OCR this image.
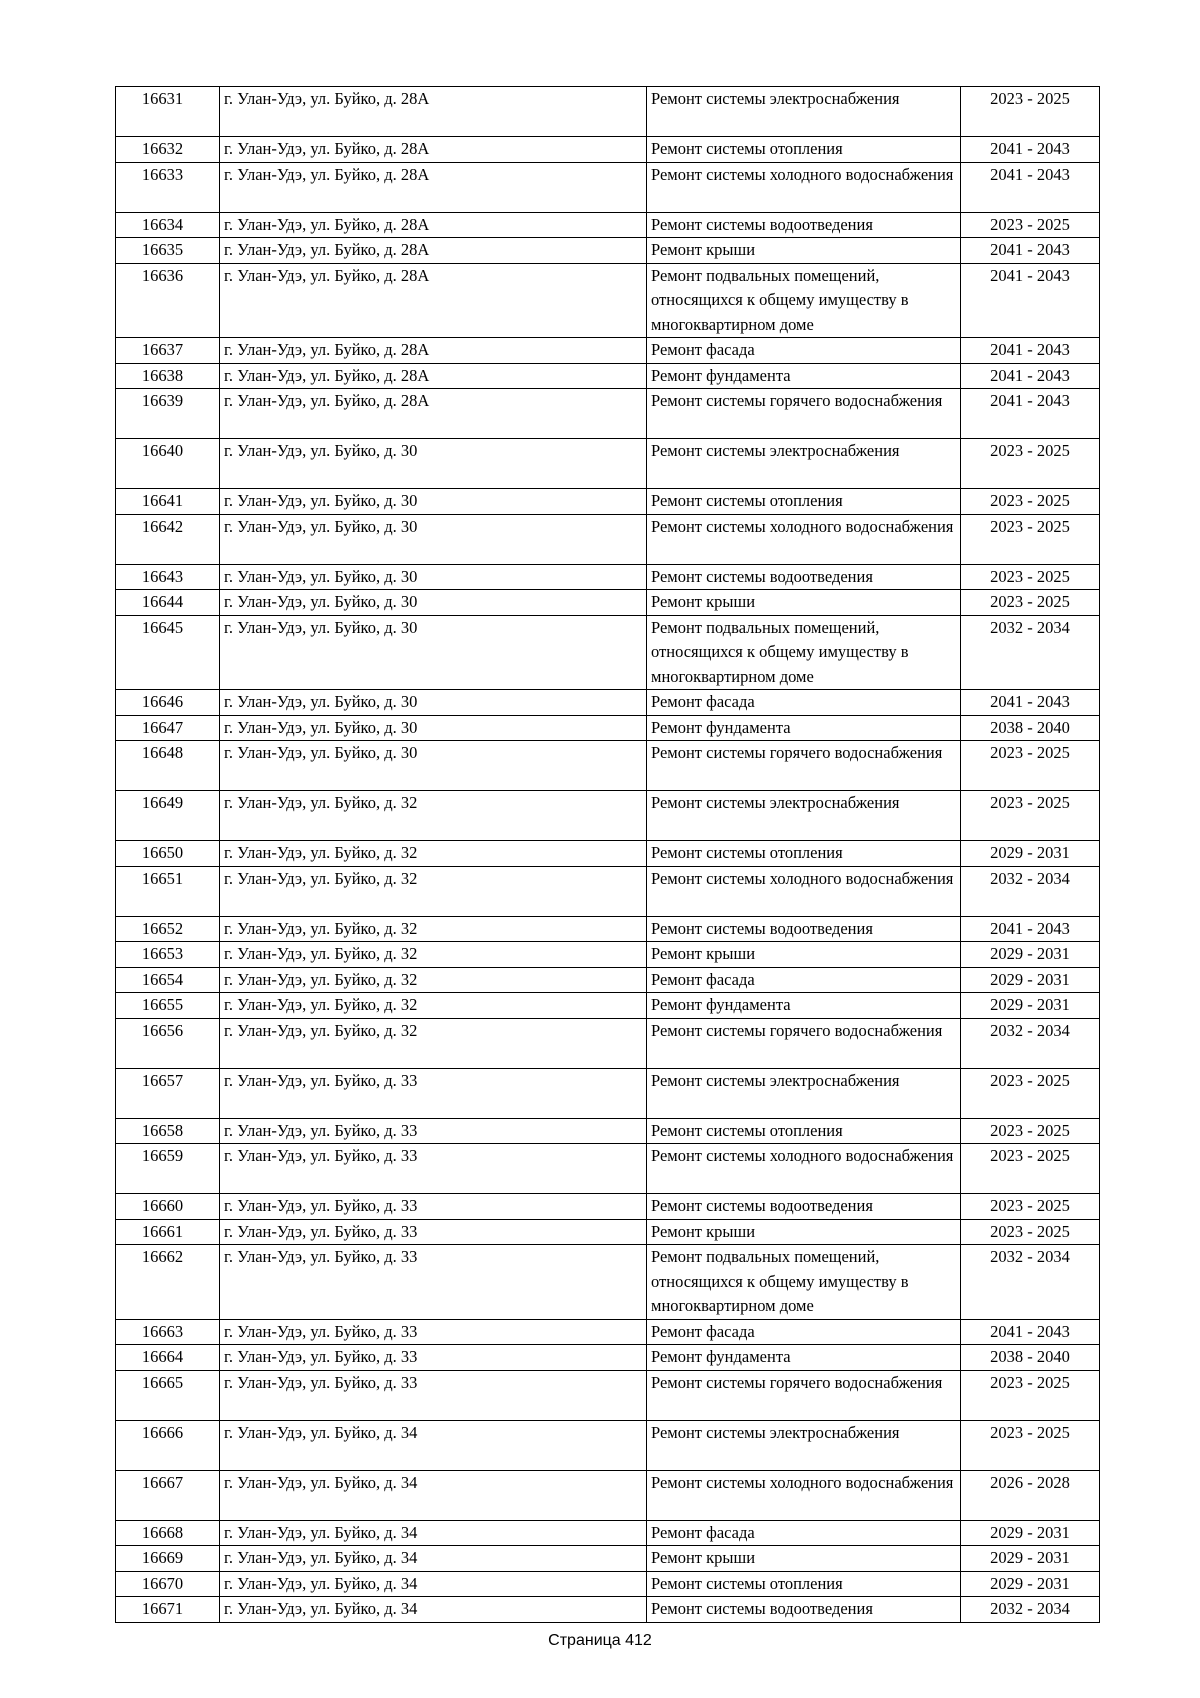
16631	г. Улан-Удэ, ул. Буйко, д. 28А	Ремонт системы электроснабжения	2023 - 2025
16632	г. Улан-Удэ, ул. Буйко, д. 28А	Ремонт системы отопления	2041 - 2043
16633	г. Улан-Удэ, ул. Буйко, д. 28А	Ремонт системы холодного водоснабжения	2041 - 2043
16634	г. Улан-Удэ, ул. Буйко, д. 28А	Ремонт системы водоотведения	2023 - 2025
16635	г. Улан-Удэ, ул. Буйко, д. 28А	Ремонт крыши	2041 - 2043
16636	г. Улан-Удэ, ул. Буйко, д. 28А	Ремонт подвальных помещений, относящихся к общему имуществу в многоквартирном доме	2041 - 2043
16637	г. Улан-Удэ, ул. Буйко, д. 28А	Ремонт фасада	2041 - 2043
16638	г. Улан-Удэ, ул. Буйко, д. 28А	Ремонт фундамента	2041 - 2043
16639	г. Улан-Удэ, ул. Буйко, д. 28А	Ремонт системы горячего водоснабжения	2041 - 2043
16640	г. Улан-Удэ, ул. Буйко, д. 30	Ремонт системы электроснабжения	2023 - 2025
16641	г. Улан-Удэ, ул. Буйко, д. 30	Ремонт системы отопления	2023 - 2025
16642	г. Улан-Удэ, ул. Буйко, д. 30	Ремонт системы холодного водоснабжения	2023 - 2025
16643	г. Улан-Удэ, ул. Буйко, д. 30	Ремонт системы водоотведения	2023 - 2025
16644	г. Улан-Удэ, ул. Буйко, д. 30	Ремонт крыши	2023 - 2025
16645	г. Улан-Удэ, ул. Буйко, д. 30	Ремонт подвальных помещений, относящихся к общему имуществу в многоквартирном доме	2032 - 2034
16646	г. Улан-Удэ, ул. Буйко, д. 30	Ремонт фасада	2041 - 2043
16647	г. Улан-Удэ, ул. Буйко, д. 30	Ремонт фундамента	2038 - 2040
16648	г. Улан-Удэ, ул. Буйко, д. 30	Ремонт системы горячего водоснабжения	2023 - 2025
16649	г. Улан-Удэ, ул. Буйко, д. 32	Ремонт системы электроснабжения	2023 - 2025
16650	г. Улан-Удэ, ул. Буйко, д. 32	Ремонт системы отопления	2029 - 2031
16651	г. Улан-Удэ, ул. Буйко, д. 32	Ремонт системы холодного водоснабжения	2032 - 2034
16652	г. Улан-Удэ, ул. Буйко, д. 32	Ремонт системы водоотведения	2041 - 2043
16653	г. Улан-Удэ, ул. Буйко, д. 32	Ремонт крыши	2029 - 2031
16654	г. Улан-Удэ, ул. Буйко, д. 32	Ремонт фасада	2029 - 2031
16655	г. Улан-Удэ, ул. Буйко, д. 32	Ремонт фундамента	2029 - 2031
16656	г. Улан-Удэ, ул. Буйко, д. 32	Ремонт системы горячего водоснабжения	2032 - 2034
16657	г. Улан-Удэ, ул. Буйко, д. 33	Ремонт системы электроснабжения	2023 - 2025
16658	г. Улан-Удэ, ул. Буйко, д. 33	Ремонт системы отопления	2023 - 2025
16659	г. Улан-Удэ, ул. Буйко, д. 33	Ремонт системы холодного водоснабжения	2023 - 2025
16660	г. Улан-Удэ, ул. Буйко, д. 33	Ремонт системы водоотведения	2023 - 2025
16661	г. Улан-Удэ, ул. Буйко, д. 33	Ремонт крыши	2023 - 2025
16662	г. Улан-Удэ, ул. Буйко, д. 33	Ремонт подвальных помещений, относящихся к общему имуществу в многоквартирном доме	2032 - 2034
16663	г. Улан-Удэ, ул. Буйко, д. 33	Ремонт фасада	2041 - 2043
16664	г. Улан-Удэ, ул. Буйко, д. 33	Ремонт фундамента	2038 - 2040
16665	г. Улан-Удэ, ул. Буйко, д. 33	Ремонт системы горячего водоснабжения	2023 - 2025
16666	г. Улан-Удэ, ул. Буйко, д. 34	Ремонт системы электроснабжения	2023 - 2025
16667	г. Улан-Удэ, ул. Буйко, д. 34	Ремонт системы холодного водоснабжения	2026 - 2028
16668	г. Улан-Удэ, ул. Буйко, д. 34	Ремонт фасада	2029 - 2031
16669	г. Улан-Удэ, ул. Буйко, д. 34	Ремонт крыши	2029 - 2031
16670	г. Улан-Удэ, ул. Буйко, д. 34	Ремонт системы отопления	2029 - 2031
16671	г. Улан-Удэ, ул. Буйко, д. 34	Ремонт системы водоотведения	2032 - 2034
Страница 412
